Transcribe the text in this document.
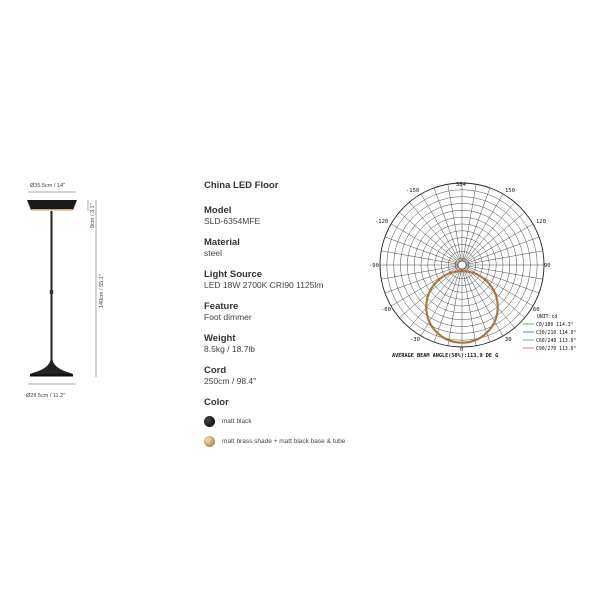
Ø35.5cm / 14"
Ø28.5cm / 11.2"
8cm / 3.1"
140cm / 55.1"
China LED Floor
Model
SLD-6354MFE
Material
steel
Light Source
LED 18W 2700K CRI90 1125lm
Feature
Foot dimmer
Weight
8.5kg / 18.7lb
Cord
250cm / 98.4"
Color
matt black
matt brass shade + matt black base & tube
384
-150	150
-120	120
-90	90
-60	60
-30	30
0
UNIT:cd
C0/180 114.3°
C30/210 114.0°
C60/240 113.6°
C90/270 113.6°
AVERAGE BEAM ANGLE(50%):113.9 DE G
